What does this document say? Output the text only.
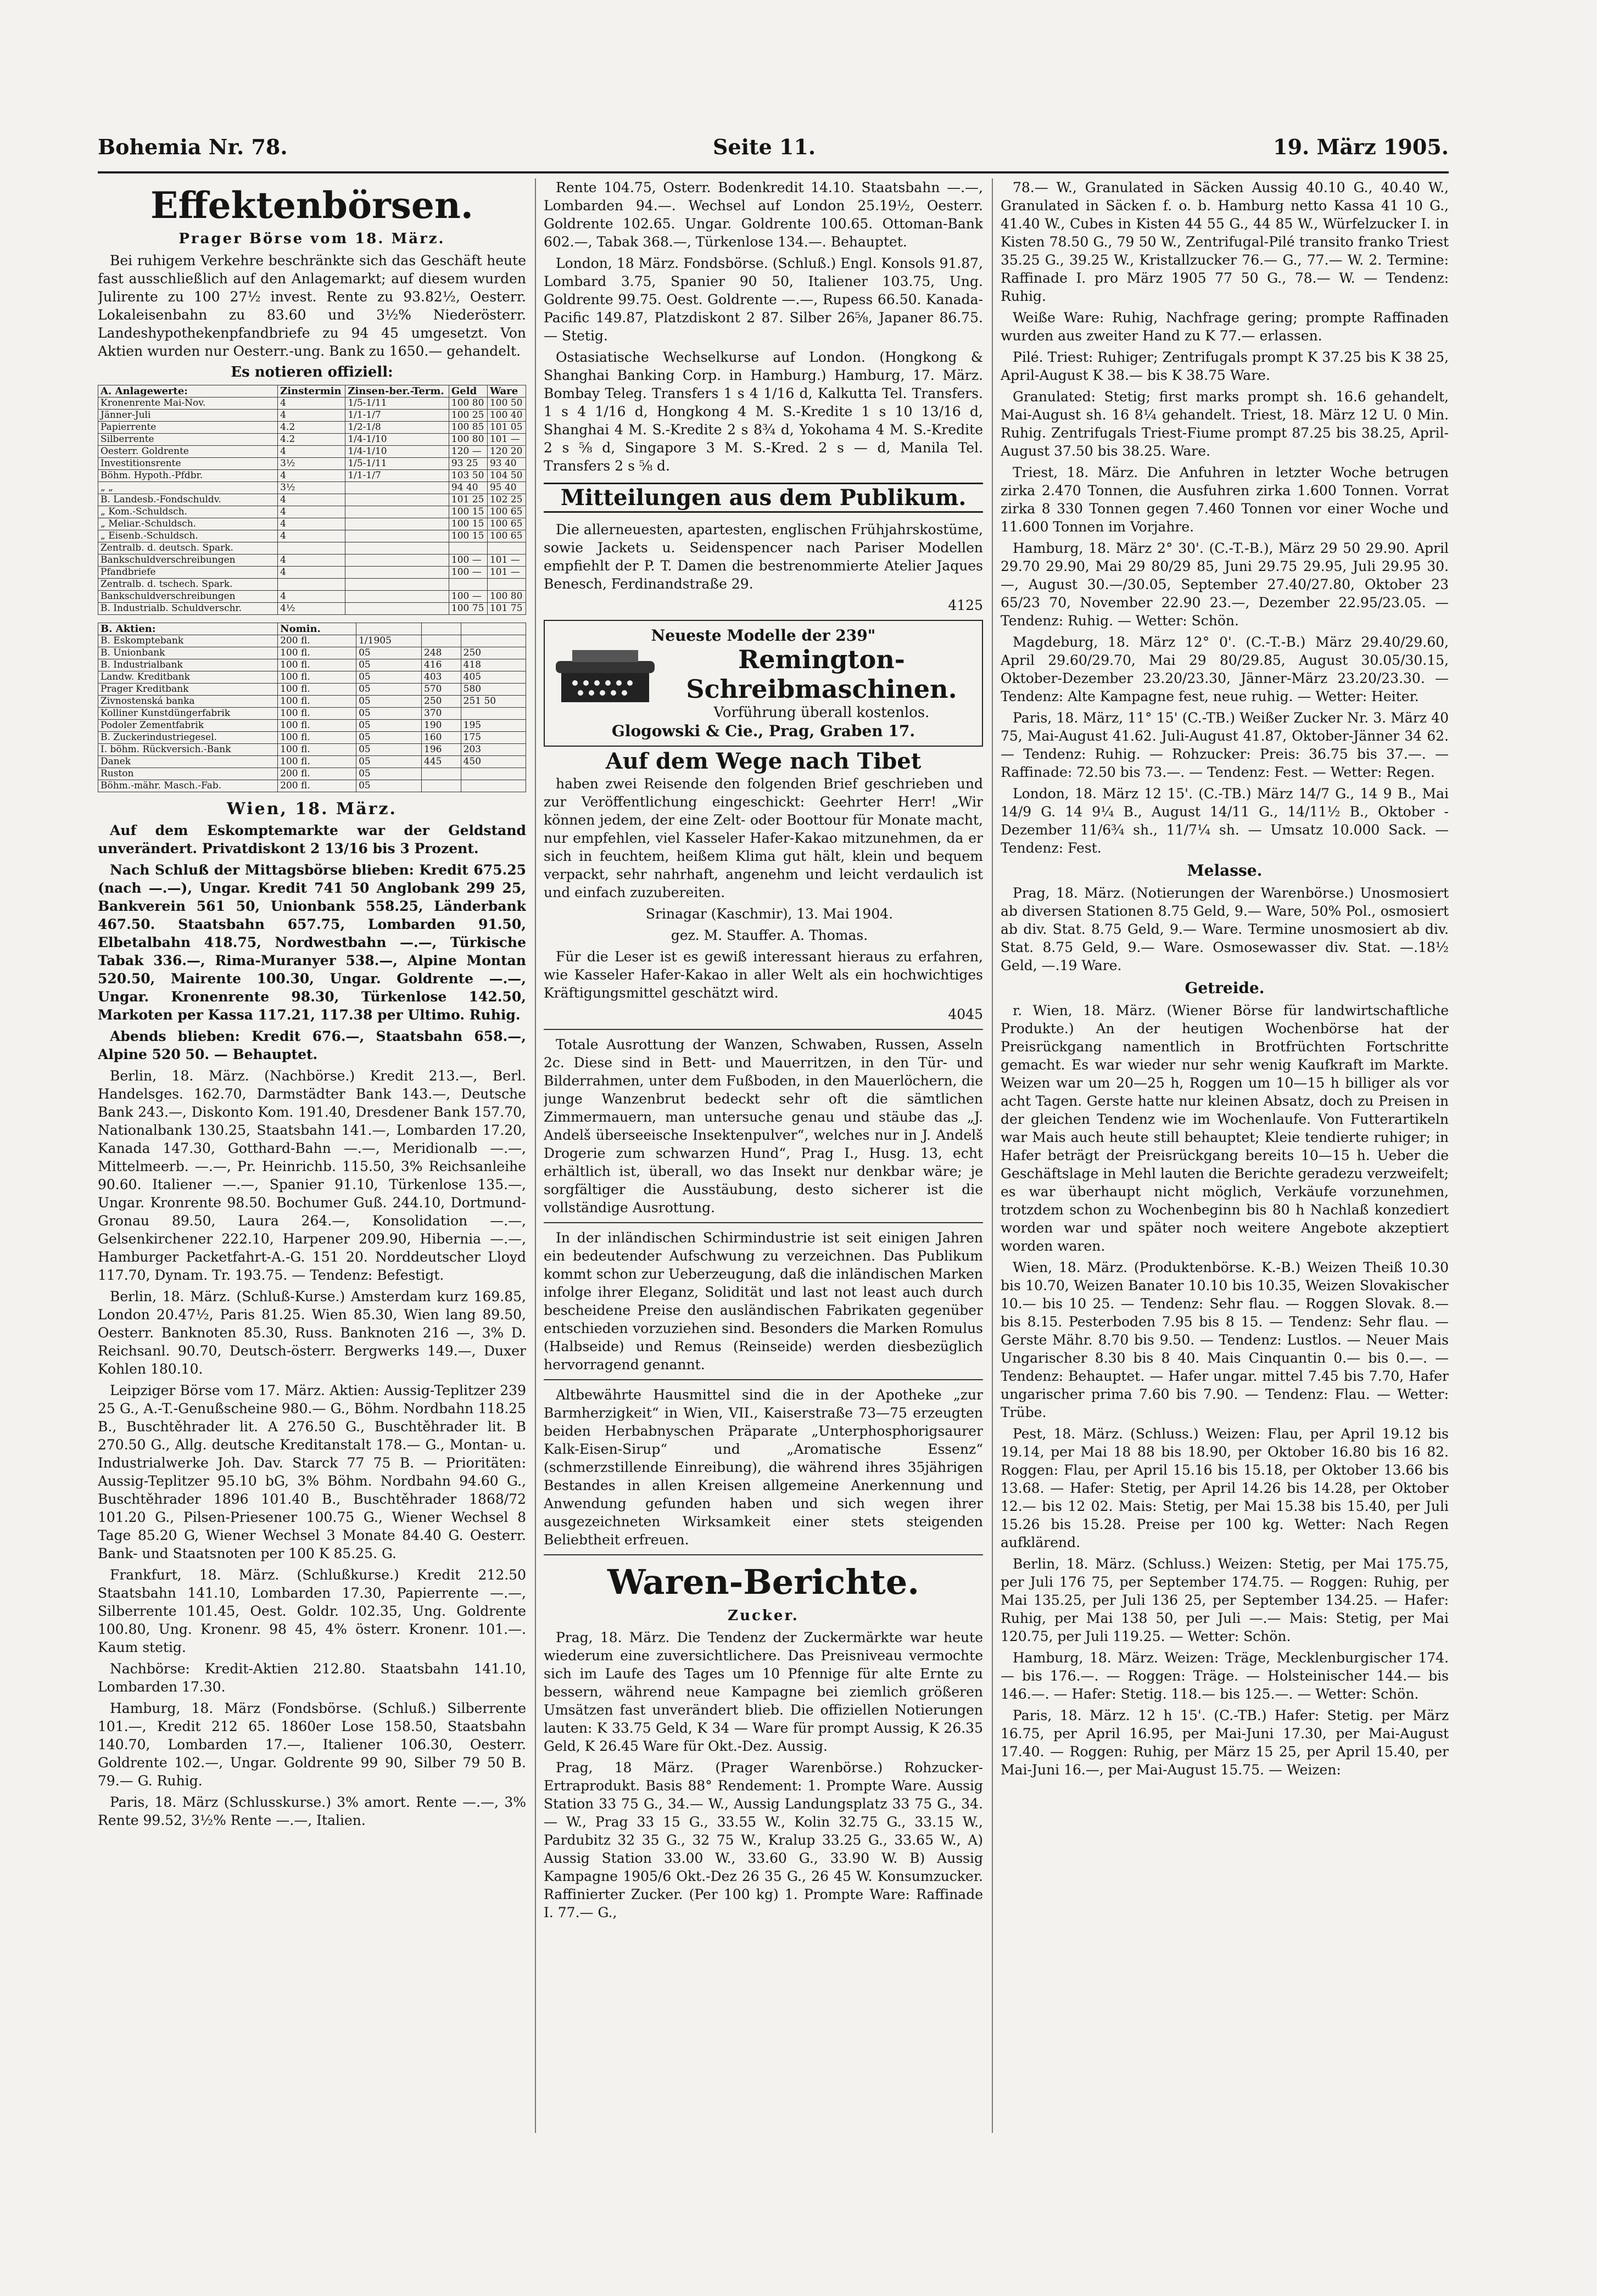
Bohemia Nr. 78.	Seite 11.	19. März 1905.
Effektenbörsen.
Prager Börse vom 18. März.
Bei ruhigem Verkehre beschränkte sich das Geschäft heute fast ausschließlich auf den Anlagemarkt; auf diesem wurden Julirente zu 100 27½ invest. Rente zu 93.82½, Oesterr. Lokaleisenbahn zu 83.60 und 3½% Niederösterr. Landeshypothekenpfandbriefe zu 94 45 umgesetzt. Von Aktien wurden nur Oesterr.-ung. Bank zu 1650.— gehandelt.
Es notieren offiziell:
A. Anlagewerte:	Zinstermin	Zinsen-ber.-Term.	Geld	Ware
Kronenrente Mai-Nov.	4	1/5-1/11	100 80	100 50
Jänner-Juli	4	1/1-1/7	100 25	100 40
Papierrente	4.2	1/2-1/8	100 85	101 05
Silberrente	4.2	1/4-1/10	100 80	101 —
Oesterr. Goldrente	4	1/4-1/10	120 —	120 20
Investitionsrente	3½	1/5-1/11	93 25	93 40
Böhm. Hypoth.-Pfdbr.	4	1/1-1/7	103 50	104 50
„ „	3½		94 40	95 40
B. Landesb.-Fondschuldv.	4		101 25	102 25
„ Kom.-Schuldsch.	4		100 15	100 65
„ Meliar.-Schuldsch.	4		100 15	100 65
„ Eisenb.-Schuldsch.	4		100 15	100 65
Zentralb. d. deutsch. Spark.				
Bankschuldverschreibungen	4		100 —	101 —
Pfandbriefe	4		100 —	101 —
Zentralb. d. tschech. Spark.				
Bankschuldverschreibungen	4		100 —	100 80
B. Industrialb. Schuldverschr.	4½		100 75	101 75
B. Aktien:	Nomin.			
B. Eskomptebank	200 fl.	1/1905		
B. Unionbank	100 fl.	05	248	250
B. Industrialbank	100 fl.	05	416	418
Landw. Kreditbank	100 fl.	05	403	405
Prager Kreditbank	100 fl.	05	570	580
Zivnostenská banka	100 fl.	05	250	251 50
Kolliner Kunstdüngerfabrik	100 fl.	05	370	
Podoler Zementfabrik	100 fl.	05	190	195
B. Zuckerindustriegesel.	100 fl.	05	160	175
I. böhm. Rückversich.-Bank	100 fl.	05	196	203
Danek	100 fl.	05	445	450
Ruston	200 fl.	05		
Böhm.-mähr. Masch.-Fab.	200 fl.	05		
Wien, 18. März.
Auf dem Eskomptemarkte war der Geldstand unverändert. Privatdiskont 2 13/16 bis 3 Prozent.
Nach Schluß der Mittagsbörse blieben: Kredit 675.25 (nach —.—), Ungar. Kredit 741 50 Anglobank 299 25, Bankverein 561 50, Unionbank 558.25, Länderbank 467.50. Staatsbahn 657.75, Lombarden 91.50, Elbetalbahn 418.75, Nordwestbahn —.—, Türkische Tabak 336.—, Rima-Muranyer 538.—, Alpine Montan 520.50, Mairente 100.30, Ungar. Goldrente —.—, Ungar. Kronenrente 98.30, Türkenlose 142.50, Markoten per Kassa 117.21, 117.38 per Ultimo. Ruhig.
Abends blieben: Kredit 676.—, Staatsbahn 658.—, Alpine 520 50. — Behauptet.
Berlin, 18. März. (Nachbörse.) Kredit 213.—, Berl. Handelsges. 162.70, Darmstädter Bank 143.—, Deutsche Bank 243.—, Diskonto Kom. 191.40, Dresdener Bank 157.70, Nationalbank 130.25, Staatsbahn 141.—, Lombarden 17.20, Kanada 147.30, Gotthard-Bahn —.—, Meridionalb —.—, Mittelmeerb. —.—, Pr. Heinrichb. 115.50, 3% Reichsanleihe 90.60. Italiener —.—, Spanier 91.10, Türkenlose 135.—, Ungar. Kronrente 98.50. Bochumer Guß. 244.10, Dortmund-Gronau 89.50, Laura 264.—, Konsolidation —.—, Gelsenkirchener 222.10, Harpener 209.90, Hibernia —.—, Hamburger Packetfahrt-A.-G. 151 20. Norddeutscher Lloyd 117.70, Dynam. Tr. 193.75. — Tendenz: Befestigt.
Berlin, 18. März. (Schluß-Kurse.) Amsterdam kurz 169.85, London 20.47½, Paris 81.25. Wien 85.30, Wien lang 89.50, Oesterr. Banknoten 85.30, Russ. Banknoten 216 —, 3% D. Reichsanl. 90.70, Deutsch-österr. Bergwerks 149.—, Duxer Kohlen 180.10.
Leipziger Börse vom 17. März. Aktien: Aussig-Teplitzer 239 25 G., A.-T.-Genußscheine 980.— G., Böhm. Nordbahn 118.25 B., Buschtěhrader lit. A 276.50 G., Buschtěhrader lit. B 270.50 G., Allg. deutsche Kreditanstalt 178.— G., Montan- u. Industrialwerke Joh. Dav. Starck 77 75 B. — Prioritäten: Aussig-Teplitzer 95.10 bG, 3% Böhm. Nordbahn 94.60 G., Buschtěhrader 1896 101.40 B., Buschtěhrader 1868/72 101.20 G., Pilsen-Priesener 100.75 G., Wiener Wechsel 8 Tage 85.20 G, Wiener Wechsel 3 Monate 84.40 G. Oesterr. Bank- und Staatsnoten per 100 K 85.25. G.
Frankfurt, 18. März. (Schlußkurse.) Kredit 212.50 Staatsbahn 141.10, Lombarden 17.30, Papierrente —.—, Silberrente 101.45, Oest. Goldr. 102.35, Ung. Goldrente 100.80, Ung. Kronenr. 98 45, 4% österr. Kronenr. 101.—. Kaum stetig.
Nachbörse: Kredit-Aktien 212.80. Staatsbahn 141.10, Lombarden 17.30.
Hamburg, 18. März (Fondsbörse. (Schluß.) Silberrente 101.—, Kredit 212 65. 1860er Lose 158.50, Staatsbahn 140.70, Lombarden 17.—, Italiener 106.30, Oesterr. Goldrente 102.—, Ungar. Goldrente 99 90, Silber 79 50 B. 79.— G. Ruhig.
Paris, 18. März (Schlusskurse.) 3% amort. Rente —.—, 3% Rente 99.52, 3½% Rente —.—, Italien.
Rente 104.75, Osterr. Bodenkredit 14.10. Staatsbahn —.—, Lombarden 94.—. Wechsel auf London 25.19½, Oesterr. Goldrente 102.65. Ungar. Goldrente 100.65. Ottoman-Bank 602.—, Tabak 368.—, Türkenlose 134.—. Behauptet.
London, 18 März. Fondsbörse. (Schluß.) Engl. Konsols 91.87, Lombard 3.75, Spanier 90 50, Italiener 103.75, Ung. Goldrente 99.75. Oest. Goldrente —.—, Rupess 66.50. Kanada-Pacific 149.87, Platzdiskont 2 87. Silber 26⅝, Japaner 86.75. — Stetig.
Ostasiatische Wechselkurse auf London. (Hongkong & Shanghai Banking Corp. in Hamburg.) Hamburg, 17. März. Bombay Teleg. Transfers 1 s 4 1/16 d, Kalkutta Tel. Transfers. 1 s 4 1/16 d, Hongkong 4 M. S.-Kredite 1 s 10 13/16 d, Shanghai 4 M. S.-Kredite 2 s 8¾ d, Yokohama 4 M. S.-Kredite 2 s ⅝ d, Singapore 3 M. S.-Kred. 2 s — d, Manila Tel. Transfers 2 s ⅝ d.
Mitteilungen aus dem Publikum.
Die allerneuesten, apartesten, englischen Frühjahrskostüme, sowie Jackets u. Seidenspencer nach Pariser Modellen empfiehlt der P. T. Damen die bestrenommierte Atelier Jaques Benesch, Ferdinandstraße 29.
4125
Neueste Modelle der 239"
Remington-Schreibmaschinen.
Vorführung überall kostenlos.
Glogowski & Cie., Prag, Graben 17.
Auf dem Wege nach Tibet
haben zwei Reisende den folgenden Brief geschrieben und zur Veröffentlichung eingeschickt: Geehrter Herr! „Wir können jedem, der eine Zelt- oder Boottour für Monate macht, nur empfehlen, viel Kasseler Hafer-Kakao mitzunehmen, da er sich in feuchtem, heißem Klima gut hält, klein und bequem verpackt, sehr nahrhaft, angenehm und leicht verdaulich ist und einfach zuzubereiten.
Srinagar (Kaschmir), 13. Mai 1904.
gez. M. Stauffer. A. Thomas.
Für die Leser ist es gewiß interessant hieraus zu erfahren, wie Kasseler Hafer-Kakao in aller Welt als ein hochwichtiges Kräftigungsmittel geschätzt wird.
4045
Totale Ausrottung der Wanzen, Schwaben, Russen, Asseln 2c. Diese sind in Bett- und Mauerritzen, in den Tür- und Bilderrahmen, unter dem Fußboden, in den Mauerlöchern, die junge Wanzenbrut bedeckt sehr oft die sämtlichen Zimmermauern, man untersuche genau und stäube das „J. Andelš überseeische Insektenpulver“, welches nur in J. Andelš Drogerie zum schwarzen Hund“, Prag I., Husg. 13, echt erhältlich ist, überall, wo das Insekt nur denkbar wäre; je sorgfältiger die Ausstäubung, desto sicherer ist die vollständige Ausrottung.
In der inländischen Schirmindustrie ist seit einigen Jahren ein bedeutender Aufschwung zu verzeichnen. Das Publikum kommt schon zur Ueberzeugung, daß die inländischen Marken infolge ihrer Eleganz, Solidität und last not least auch durch bescheidene Preise den ausländischen Fabrikaten gegenüber entschieden vorzuziehen sind. Besonders die Marken Romulus (Halbseide) und Remus (Reinseide) werden diesbezüglich hervorragend genannt.
Altbewährte Hausmittel sind die in der Apotheke „zur Barmherzigkeit“ in Wien, VII., Kaiserstraße 73—75 erzeugten beiden Herbabnyschen Präparate „Unterphosphorigsaurer Kalk-Eisen-Sirup“ und „Aromatische Essenz“ (schmerzstillende Einreibung), die während ihres 35jährigen Bestandes in allen Kreisen allgemeine Anerkennung und Anwendung gefunden haben und sich wegen ihrer ausgezeichneten Wirksamkeit einer stets steigenden Beliebtheit erfreuen.
Waren-Berichte.
Zucker.
Prag, 18. März. Die Tendenz der Zuckermärkte war heute wiederum eine zuversichtlichere. Das Preisniveau vermochte sich im Laufe des Tages um 10 Pfennige für alte Ernte zu bessern, während neue Kampagne bei ziemlich größeren Umsätzen fast unverändert blieb. Die offiziellen Notierungen lauten: K 33.75 Geld, K 34 — Ware für prompt Aussig, K 26.35 Geld, K 26.45 Ware für Okt.-Dez. Aussig.
Prag, 18 März. (Prager Warenbörse.) Rohzucker-Ertraprodukt. Basis 88° Rendement: 1. Prompte Ware. Aussig Station 33 75 G., 34.— W., Aussig Landungsplatz 33 75 G., 34.— W., Prag 33 15 G., 33.55 W., Kolin 32.75 G., 33.15 W., Pardubitz 32 35 G., 32 75 W., Kralup 33.25 G., 33.65 W., A) Aussig Station 33.00 W., 33.60 G., 33.90 W. B) Aussig Kampagne 1905/6 Okt.-Dez 26 35 G., 26 45 W. Konsumzucker. Raffinierter Zucker. (Per 100 kg) 1. Prompte Ware: Raffinade I. 77.— G.,
78.— W., Granulated in Säcken Aussig 40.10 G., 40.40 W., Granulated in Säcken f. o. b. Hamburg netto Kassa 41 10 G., 41.40 W., Cubes in Kisten 44 55 G., 44 85 W., Würfelzucker I. in Kisten 78.50 G., 79 50 W., Zentrifugal-Pilé transito franko Triest 35.25 G., 39.25 W., Kristallzucker 76.— G., 77.— W. 2. Termine: Raffinade I. pro März 1905 77 50 G., 78.— W. — Tendenz: Ruhig.
Weiße Ware: Ruhig, Nachfrage gering; prompte Raffinaden wurden aus zweiter Hand zu K 77.— erlassen.
Pilé. Triest: Ruhiger; Zentrifugals prompt K 37.25 bis K 38 25, April-August K 38.— bis K 38.75 Ware.
Granulated: Stetig; first marks prompt sh. 16.6 gehandelt, Mai-August sh. 16 8¼ gehandelt. Triest, 18. März 12 U. 0 Min. Ruhig. Zentrifugals Triest-Fiume prompt 87.25 bis 38.25, April-August 37.50 bis 38.25. Ware.
Triest, 18. März. Die Anfuhren in letzter Woche betrugen zirka 2.470 Tonnen, die Ausfuhren zirka 1.600 Tonnen. Vorrat zirka 8 330 Tonnen gegen 7.460 Tonnen vor einer Woche und 11.600 Tonnen im Vorjahre.
Hamburg, 18. März 2° 30'. (C.-T.-B.), März 29 50 29.90. April 29.70 29.90, Mai 29 80/29 85, Juni 29.75 29.95, Juli 29.95 30.—, August 30.—/30.05, September 27.40/27.80, Oktober 23 65/23 70, November 22.90 23.—, Dezember 22.95/23.05. — Tendenz: Ruhig. — Wetter: Schön.
Magdeburg, 18. März 12° 0'. (C.-T.-B.) März 29.40/29.60, April 29.60/29.70, Mai 29 80/29.85, August 30.05/30.15, Oktober-Dezember 23.20/23.30, Jänner-März 23.20/23.30. — Tendenz: Alte Kampagne fest, neue ruhig. — Wetter: Heiter.
Paris, 18. März, 11° 15' (C.-TB.) Weißer Zucker Nr. 3. März 40 75, Mai-August 41.62. Juli-August 41.87, Oktober-Jänner 34 62. — Tendenz: Ruhig. — Rohzucker: Preis: 36.75 bis 37.—. — Raffinade: 72.50 bis 73.—. — Tendenz: Fest. — Wetter: Regen.
London, 18. März 12 15'. (C.-TB.) März 14/7 G., 14 9 B., Mai 14/9 G. 14 9¼ B., August 14/11 G., 14/11½ B., Oktober - Dezember 11/6¾ sh., 11/7¼ sh. — Umsatz 10.000 Sack. — Tendenz: Fest.
Melasse.
Prag, 18. März. (Notierungen der Warenbörse.) Unosmosiert ab diversen Stationen 8.75 Geld, 9.— Ware, 50% Pol., osmosiert ab div. Stat. 8.75 Geld, 9.— Ware. Termine unosmosiert ab div. Stat. 8.75 Geld, 9.— Ware. Osmosewasser div. Stat. —.18½ Geld, —.19 Ware.
Getreide.
r. Wien, 18. März. (Wiener Börse für landwirtschaftliche Produkte.) An der heutigen Wochenbörse hat der Preisrückgang namentlich in Brotfrüchten Fortschritte gemacht. Es war wieder nur sehr wenig Kaufkraft im Markte. Weizen war um 20—25 h, Roggen um 10—15 h billiger als vor acht Tagen. Gerste hatte nur kleinen Absatz, doch zu Preisen in der gleichen Tendenz wie im Wochenlaufe. Von Futterartikeln war Mais auch heute still behauptet; Kleie tendierte ruhiger; in Hafer beträgt der Preisrückgang bereits 10—15 h. Ueber die Geschäftslage in Mehl lauten die Berichte geradezu verzweifelt; es war überhaupt nicht möglich, Verkäufe vorzunehmen, trotzdem schon zu Wochenbeginn bis 80 h Nachlaß konzediert worden war und später noch weitere Angebote akzeptiert worden waren.
Wien, 18. März. (Produktenbörse. K.-B.) Weizen Theiß 10.30 bis 10.70, Weizen Banater 10.10 bis 10.35, Weizen Slovakischer 10.— bis 10 25. — Tendenz: Sehr flau. — Roggen Slovak. 8.— bis 8.15. Pesterboden 7.95 bis 8 15. — Tendenz: Sehr flau. — Gerste Mähr. 8.70 bis 9.50. — Tendenz: Lustlos. — Neuer Mais Ungarischer 8.30 bis 8 40. Mais Cinquantin 0.— bis 0.—. — Tendenz: Behauptet. — Hafer ungar. mittel 7.45 bis 7.70, Hafer ungarischer prima 7.60 bis 7.90. — Tendenz: Flau. — Wetter: Trübe.
Pest, 18. März. (Schluss.) Weizen: Flau, per April 19.12 bis 19.14, per Mai 18 88 bis 18.90, per Oktober 16.80 bis 16 82. Roggen: Flau, per April 15.16 bis 15.18, per Oktober 13.66 bis 13.68. — Hafer: Stetig, per April 14.26 bis 14.28, per Oktober 12.— bis 12 02. Mais: Stetig, per Mai 15.38 bis 15.40, per Juli 15.26 bis 15.28. Preise per 100 kg. Wetter: Nach Regen aufklärend.
Berlin, 18. März. (Schluss.) Weizen: Stetig, per Mai 175.75, per Juli 176 75, per September 174.75. — Roggen: Ruhig, per Mai 135.25, per Juli 136 25, per September 134.25. — Hafer: Ruhig, per Mai 138 50, per Juli —.— Mais: Stetig, per Mai 120.75, per Juli 119.25. — Wetter: Schön.
Hamburg, 18. März. Weizen: Träge, Mecklenburgischer 174.— bis 176.—. — Roggen: Träge. — Holsteinischer 144.— bis 146.—. — Hafer: Stetig. 118.— bis 125.—. — Wetter: Schön.
Paris, 18. März. 12 h 15'. (C.-TB.) Hafer: Stetig. per März 16.75, per April 16.95, per Mai-Juni 17.30, per Mai-August 17.40. — Roggen: Ruhig, per März 15 25, per April 15.40, per Mai-Juni 16.—, per Mai-August 15.75. — Weizen:
